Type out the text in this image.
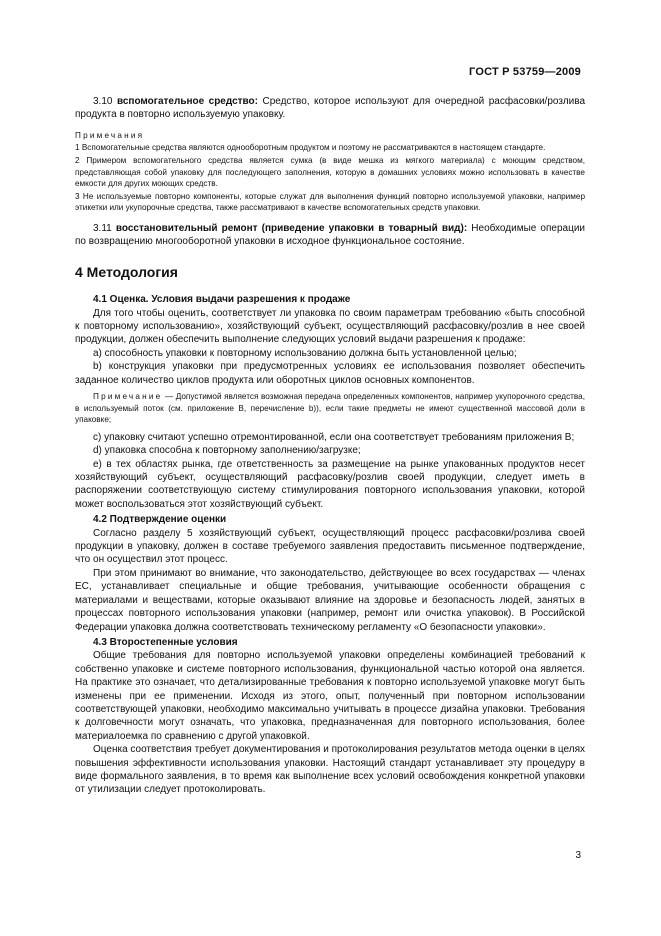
ГОСТ Р 53759—2009

3.10 вспомогательное средство: Средство, которое используют для очередной расфасовки/розлива продукта в повторно используемую упаковку.

Примечания

1 Вспомогательные средства являются однооборотным продуктом и поэтому не рассматриваются в настоящем стандарте.

2 Примером вспомогательного средства является сумка (в виде мешка из мягкого материала) с моющим средством, представляющая собой упаковку для последующего заполнения, которую в домашних условиях можно использовать в качестве емкости для других моющих средств.

3 Не используемые повторно компоненты, которые служат для выполнения функций повторно используемой упаковки, например этикетки или укупорочные средства, также рассматривают в качестве вспомогательных средств упаковки.

3.11 восстановительный ремонт (приведение упаковки в товарный вид): Необходимые операции по возвращению многооборотной упаковки в исходное функциональное состояние.

4 Методология

4.1 Оценка. Условия выдачи разрешения к продаже

Для того чтобы оценить, соответствует ли упаковка по своим параметрам требованию «быть способной к повторному использованию», хозяйствующий субъект, осуществляющий расфасовку/розлив в нее своей продукции, должен обеспечить выполнение следующих условий выдачи разрешения к продаже:

а) способность упаковки к повторному использованию должна быть установленной целью;

b) конструкция упаковки при предусмотренных условиях ее использования позволяет обеспечить заданное количество циклов продукта или оборотных циклов основных компонентов.

Примечание — Допустимой является возможная передача определенных компонентов, например укупорочного средства, в используемый поток (см. приложение В, перечисление b)), если такие предметы не имеют существенной массовой доли в упаковке;

с) упаковку считают успешно отремонтированной, если она соответствует требованиям приложения В;

d) упаковка способна к повторному заполнению/загрузке;

е) в тех областях рынка, где ответственность за размещение на рынке упакованных продуктов несет хозяйствующий субъект, осуществляющий расфасовку/розлив своей продукции, следует иметь в распоряжении соответствующую систему стимулирования повторного использования упаковки, которой может воспользоваться этот хозяйствующий субъект.

4.2 Подтверждение оценки

Согласно разделу 5 хозяйствующий субъект, осуществляющий процесс расфасовки/розлива своей продукции в упаковку, должен в составе требуемого заявления предоставить письменное подтверждение, что он осуществил этот процесс.

При этом принимают во внимание, что законодательство, действующее во всех государствах — членах ЕС, устанавливает специальные и общие требования, учитывающие особенности обращения с материалами и веществами, которые оказывают влияние на здоровье и безопасность людей, занятых в процессах повторного использования упаковки (например, ремонт или очистка упаковок). В Российской Федерации упаковка должна соответствовать техническому регламенту «О безопасности упаковки».

4.3 Второстепенные условия

Общие требования для повторно используемой упаковки определены комбинацией требований к собственно упаковке и системе повторного использования, функциональной частью которой она является. На практике это означает, что детализированные требования к повторно используемой упаковке могут быть изменены при ее применении. Исходя из этого, опыт, полученный при повторном использовании соответствующей упаковки, необходимо максимально учитывать в процессе дизайна упаковки. Требования к долговечности могут означать, что упаковка, предназначенная для повторного использования, более материалоемка по сравнению с другой упаковкой.

Оценка соответствия требует документирования и протоколирования результатов метода оценки в целях повышения эффективности использования упаковки. Настоящий стандарт устанавливает эту процедуру в виде формального заявления, в то время как выполнение всех условий освобождения конкретной упаковки от утилизации следует протоколировать.

3
